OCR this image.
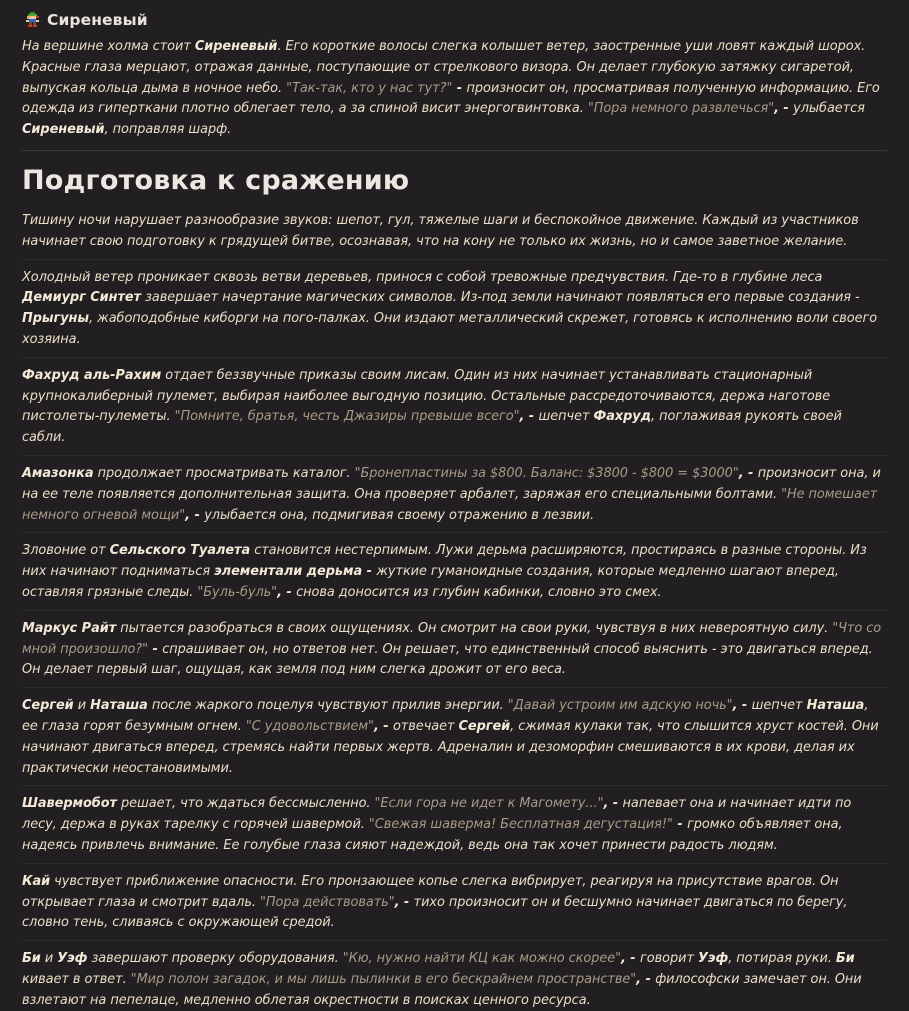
Сиреневый

На вершине холма стоит Сиреневый. Его короткие волосы слегка колышет ветер, заостренные уши ловят каждый шорох. Красные глаза мерцают, отражая данные, поступающие от стрелкового визора. Он делает глубокую затяжку сигаретой, выпуская кольца дыма в ночное небо. "Так-так, кто у нас тут?" - произносит он, просматривая полученную информацию. Его одежда из гиперткани плотно облегает тело, а за спиной висит энергогвинтовка. "Пора немного развлечься", - улыбается Сиреневый, поправляя шарф.

Подготовка к сражению

Тишину ночи нарушает разнообразие звуков: шепот, гул, тяжелые шаги и беспокойное движение. Каждый из участников начинает свою подготовку к грядущей битве, осознавая, что на кону не только их жизнь, но и самое заветное желание.

Холодный ветер проникает сквозь ветви деревьев, принося с собой тревожные предчувствия. Где-то в глубине леса Демиург Синтет завершает начертание магических символов. Из-под земли начинают появляться его первые создания - Прыгуны, жабоподобные киборги на пого-палках. Они издают металлический скрежет, готовясь к исполнению воли своего хозяина.

Фахруд аль-Рахим отдает беззвучные приказы своим лисам. Один из них начинает устанавливать стационарный крупнокалиберный пулемет, выбирая наиболее выгодную позицию. Остальные рассредоточиваются, держа наготове пистолеты-пулеметы. "Помните, братья, честь Джазиры превыше всего", - шепчет Фахруд, поглаживая рукоять своей сабли.

Амазонка продолжает просматривать каталог. "Бронепластины за $800. Баланс: $3800 - $800 = $3000", - произносит она, и на ее теле появляется дополнительная защита. Она проверяет арбалет, заряжая его специальными болтами. "Не помешает немного огневой мощи", - улыбается она, подмигивая своему отражению в лезвии.

Зловоние от Сельского Туалета становится нестерпимым. Лужи дерьма расширяются, простираясь в разные стороны. Из них начинают подниматься элементали дерьма - жуткие гуманоидные создания, которые медленно шагают вперед, оставляя грязные следы. "Буль-буль", - снова доносится из глубин кабинки, словно это смех.

Маркус Райт пытается разобраться в своих ощущениях. Он смотрит на свои руки, чувствуя в них невероятную силу. "Что со мной произошло?" - спрашивает он, но ответов нет. Он решает, что единственный способ выяснить - это двигаться вперед. Он делает первый шаг, ощущая, как земля под ним слегка дрожит от его веса.

Сергей и Наташа после жаркого поцелуя чувствуют прилив энергии. "Давай устроим им адскую ночь", - шепчет Наташа, ее глаза горят безумным огнем. "С удовольствием", - отвечает Сергей, сжимая кулаки так, что слышится хруст костей. Они начинают двигаться вперед, стремясь найти первых жертв. Адреналин и дезоморфин смешиваются в их крови, делая их практически неостановимыми.

Шавермобот решает, что ждаться бессмысленно. "Если гора не идет к Магомету...", - напевает она и начинает идти по лесу, держа в руках тарелку с горячей шавермой. "Свежая шаверма! Бесплатная дегустация!" - громко объявляет она, надеясь привлечь внимание. Ее голубые глаза сияют надеждой, ведь она так хочет принести радость людям.

Кай чувствует приближение опасности. Его пронзающее копье слегка вибрирует, реагируя на присутствие врагов. Он открывает глаза и смотрит вдаль. "Пора действовать", - тихо произносит он и бесшумно начинает двигаться по берегу, словно тень, сливаясь с окружающей средой.

Би и Уэф завершают проверку оборудования. "Кю, нужно найти КЦ как можно скорее", - говорит Уэф, потирая руки. Би кивает в ответ. "Мир полон загадок, и мы лишь пылинки в его бескрайнем пространстве", - философски замечает он. Они взлетают на пепелаце, медленно облетая окрестности в поисках ценного ресурса.
